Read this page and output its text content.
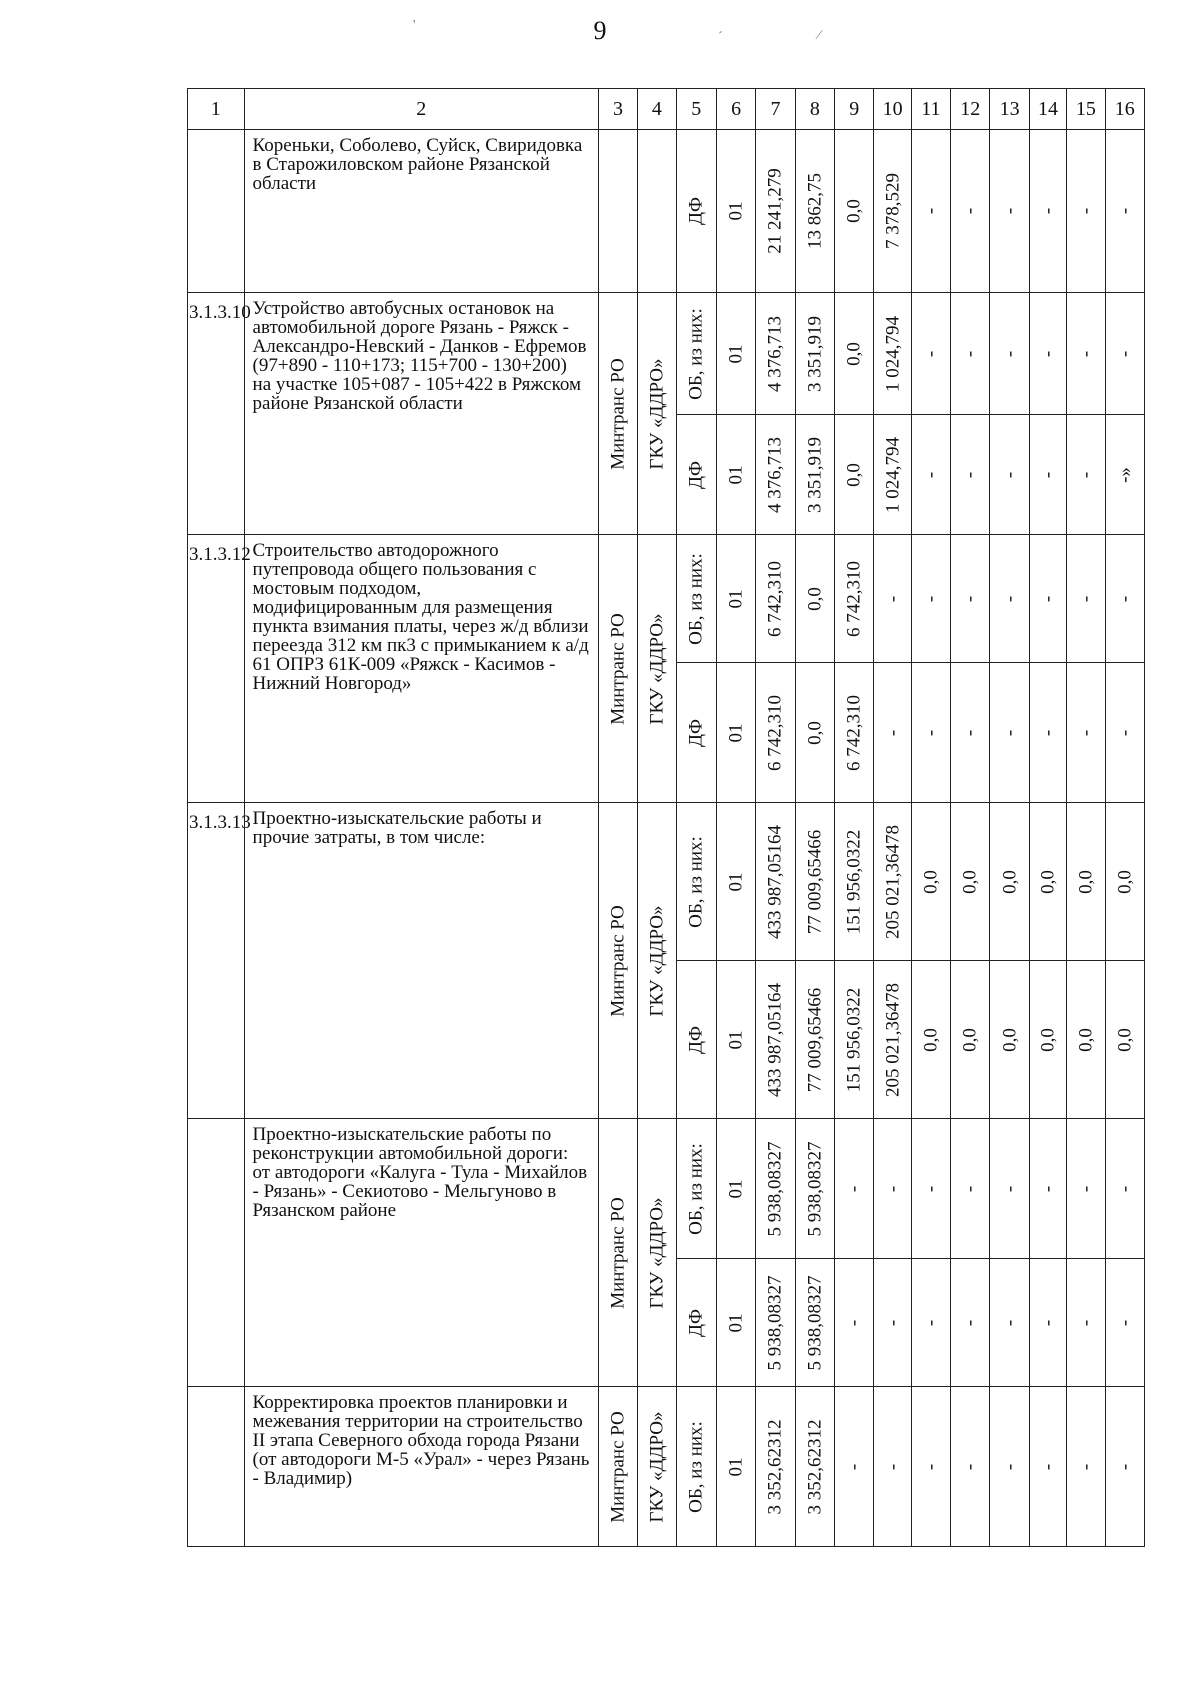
9
'
ˊ	⁄
1	2	3	4	5	6	7	8	9	10	11	12	13	14	15	16
	Кореньки, Соболево, Суйск, Свиридовка в Старожиловском районе Рязанской области			ДФ	01	21 241,279	13 862,75	0,0	7 378,529	-	-	-	-	-	-

3.1.3.10	Устройство автобусных остановок на автомобильной дороге Рязань - Ряжск - Александро-Невский - Данков - Ефремов (97+890 - 110+173; 115+700 - 130+200) на участке 105+087 - 105+422 в Ряжском районе Рязанской области	Минтранс РО	ГКУ «ДДРО»	ОБ, из них:	01	4 376,713	3 351,919	0,0	1 024,794	-	-	-	-	-	-

				ДФ	01	4 376,713	3 351,919	0,0	1 024,794	-	-	-	-	-	-»

3.1.3.12	Строительство автодорожного путепровода общего пользования с мостовым подходом, модифицированным для размещения пункта взимания платы, через ж/д вблизи переезда 312 км пк3 с примыканием к а/д 61 ОПРЗ 61К-009 «Ряжск - Касимов - Нижний Новгород»	Минтранс РО	ГКУ «ДДРО»	ОБ, из них:	01	6 742,310	0,0	6 742,310	-	-	-	-	-	-	-

				ДФ	01	6 742,310	0,0	6 742,310	-	-	-	-	-	-	-

3.1.3.13	Проектно-изыскательские работы и прочие затраты, в том числе:	Минтранс РО	ГКУ «ДДРО»	ОБ, из них:	01	433 987,05164	77 009,65466	151 956,0322	205 021,36478	0,0	0,0	0,0	0,0	0,0	0,0

				ДФ	01	433 987,05164	77 009,65466	151 956,0322	205 021,36478	0,0	0,0	0,0	0,0	0,0	0,0

	Проектно-изыскательские работы по реконструкции автомобильной дороги: от автодороги «Калуга - Тула - Михайлов - Рязань» - Секиотово - Мельгуново в Рязанском районе	Минтранс РО	ГКУ «ДДРО»	ОБ, из них:	01	5 938,08327	5 938,08327	-	-	-	-	-	-	-	-

				ДФ	01	5 938,08327	5 938,08327	-	-	-	-	-	-	-	-

	Корректировка проектов планировки и межевания территории на строительство II этапа Северного обхода города Рязани (от автодороги М-5 «Урал» - через Рязань - Владимир)	Минтранс РО	ГКУ «ДДРО»	ОБ, из них:	01	3 352,62312	3 352,62312	-	-	-	-	-	-	-	-
